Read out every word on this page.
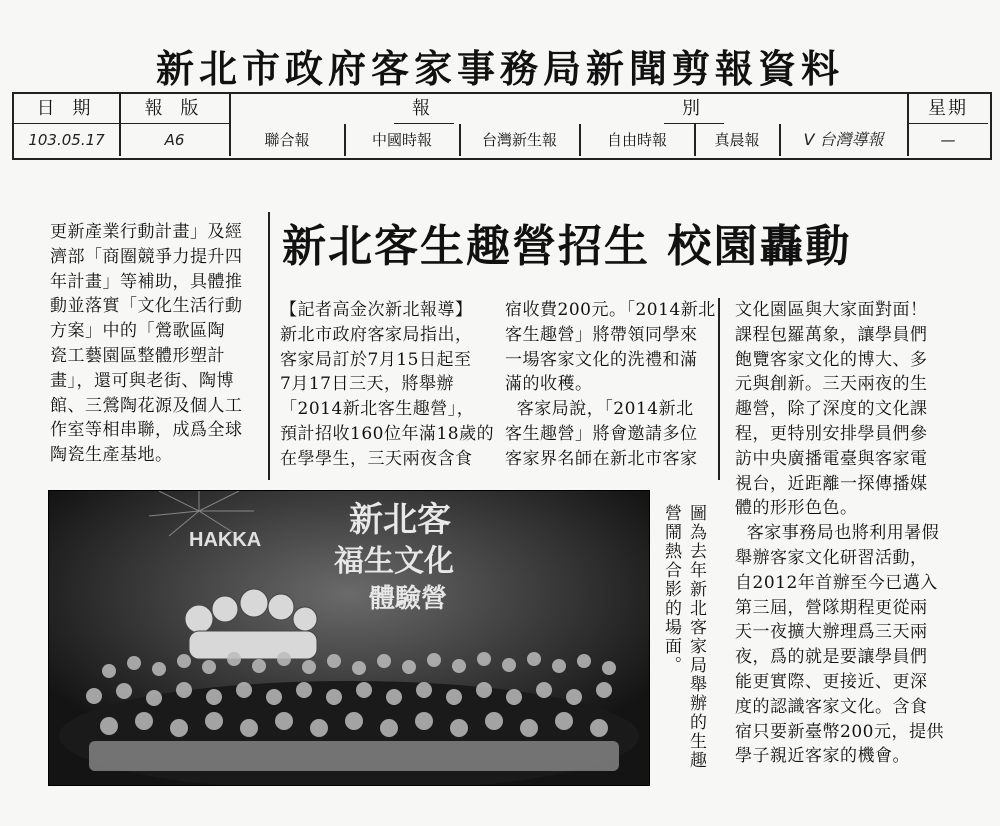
新北市政府客家事務局新聞剪報資料
日 期	報 版	報	別	星期
103.05.17	A6	聯合報	中國時報	台灣新生報	自由時報	真晨報	V 台灣導報	—
更新產業行動計畫」及經
濟部「商圈競爭力提升四
年計畫」等補助，具體推
動並落實「文化生活行動
方案」中的「鶯歌區陶
瓷工藝園區整體形塑計
畫」，還可與老街、陶博
館、三鶯陶花源及個人工
作室等相串聯，成爲全球
陶瓷生產基地。
新北客生趣營招生 校園轟動
【記者高金次新北報導】
新北市政府客家局指出，
客家局訂於7月15日起至
7月17日三天，將舉辦
「2014新北客生趣營」，
預計招收160位年滿18歲的
在學學生，三天兩夜含食
宿收費200元。「2014新北
客生趣營」將帶領同學來
一場客家文化的洗禮和滿
滿的收穫。
客家局說，「2014新北
客生趣營」將會邀請多位
客家界名師在新北市客家
文化園區與大家面對面！
課程包羅萬象，讓學員們
飽覽客家文化的博大、多
元與創新。三天兩夜的生
趣營，除了深度的文化課
程，更特別安排學員們參
訪中央廣播電臺與客家電
視台，近距離一探傳播媒
體的形形色色。
客家事務局也將利用暑假
舉辦客家文化研習活動，
自2012年首辦至今已邁入
第三屆，營隊期程更從兩
天一夜擴大辦理爲三天兩
夜，爲的就是要讓學員們
能更實際、更接近、更深
度的認識客家文化。含食
宿只要新臺幣200元，提供
學子親近客家的機會。
HAKKA	新北客
福生文化
體驗營	圖為去年新北客家局舉辦的生趣營鬧熱合影的場面。
